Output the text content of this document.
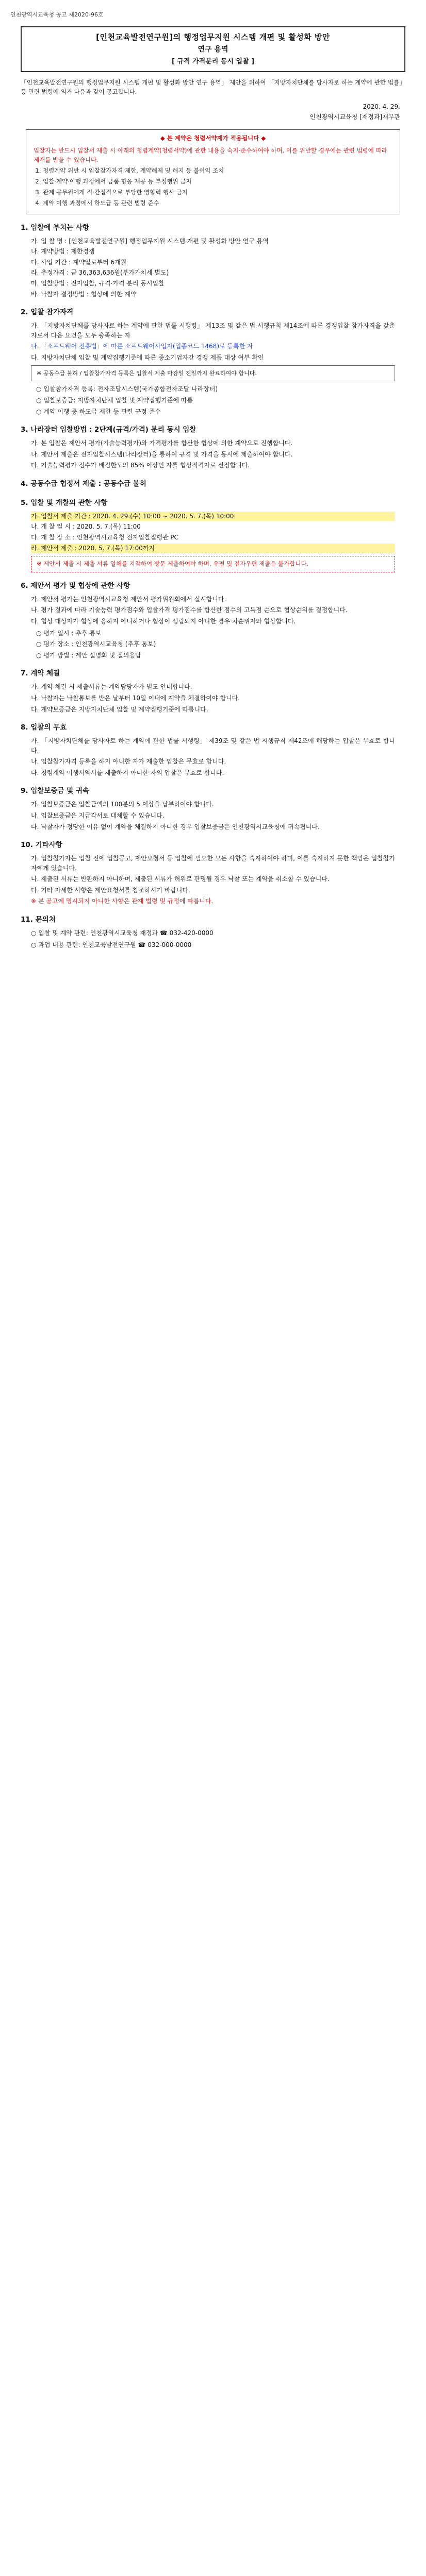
인천광역시교육청 공고 제2020-96호
[인천교육발전연구원]의 행정업무지원 시스템 개편 및 활성화 방안
연구 용역
[ 규격 가격분리 동시 입찰 ]
「인천교육발전연구원의 행정업무지원 시스템 개편 및 활성화 방안 연구 용역」 제안을 위하여 「지방자치단체를 당사자로 하는 계약에 관한 법률」 등 관련 법령에 의거 다음과 같이 공고합니다.
2020. 4. 29.
인천광역시교육청 [재정과]재무관
◆ 본 계약은 청렴서약제가 적용됩니다 ◆
입찰자는 반드시 입찰서 제출 시 아래의 청렴계약(청렴서약)에 관한 내용을 숙지·준수하여야 하며, 이를 위반할 경우에는 관련 법령에 따라 제재를 받을 수 있습니다.
1. 청렴계약 위반 시 입찰참가자격 제한, 계약해제 및 해지 등 불이익 조치
2. 입찰·계약·이행 과정에서 금품·향응 제공 등 부정행위 금지
3. 관계 공무원에게 직·간접적으로 부당한 영향력 행사 금지
4. 계약 이행 과정에서 하도급 등 관련 법령 준수
1. 입찰에 부치는 사항
가. 입 찰 명 : [인천교육발전연구원] 행정업무지원 시스템 개편 및 활성화 방안 연구 용역
나. 계약방법 : 제한경쟁
다. 사업 기간 : 계약일로부터 6개월
라. 추정가격 : 금 36,363,636원(부가가치세 별도)
마. 입찰방법 : 전자입찰, 규격·가격 분리 동시입찰
바. 낙찰자 결정방법 : 협상에 의한 계약
2. 입찰 참가자격
가. 「지방자치단체를 당사자로 하는 계약에 관한 법률 시행령」 제13조 및 같은 법 시행규칙 제14조에 따른 경쟁입찰 참가자격을 갖춘 자로서 다음 요건을 모두 충족하는 자
나. 「소프트웨어 진흥법」에 따른 소프트웨어사업자(업종코드 1468)로 등록한 자
다. 지방자치단체 입찰 및 계약집행기준에 따른 중소기업자간 경쟁 제품 대상 여부 확인
※ 공동수급 불허 / 입찰참가자격 등록은 입찰서 제출 마감일 전일까지 완료하여야 합니다.
○ 입찰참가자격 등록: 전자조달시스템(국가종합전자조달 나라장터)
○ 입찰보증금: 지방자치단체 입찰 및 계약집행기준에 따름
○ 계약 이행 중 하도급 제한 등 관련 규정 준수
3. 나라장터 입찰방법 : 2단계(규격/가격) 분리 동시 입찰
가. 본 입찰은 제안서 평가(기술능력평가)와 가격평가를 합산한 협상에 의한 계약으로 진행합니다.
나. 제안서 제출은 전자입찰시스템(나라장터)을 통하여 규격 및 가격을 동시에 제출하여야 합니다.
다. 기술능력평가 점수가 배점한도의 85% 이상인 자를 협상적격자로 선정합니다.
4. 공동수급 협정서 제출 : 공동수급 불허
5. 입찰 및 개찰의 관한 사항
가. 입찰서 제출 기간 : 2020. 4. 29.(수) 10:00 ~ 2020. 5. 7.(목) 10:00
나. 개 찰 일 시 : 2020. 5. 7.(목) 11:00
다. 개 찰 장 소 : 인천광역시교육청 전자입찰집행관 PC
라. 제안서 제출 : 2020. 5. 7.(목) 17:00까지
※ 제안서 제출 시 제출 서류 일체를 지참하여 방문 제출하여야 하며, 우편 및 전자우편 제출은 불가합니다.
6. 제안서 평가 및 협상에 관한 사항
가. 제안서 평가는 인천광역시교육청 제안서 평가위원회에서 실시합니다.
나. 평가 결과에 따라 기술능력 평가점수와 입찰가격 평가점수를 합산한 점수의 고득점 순으로 협상순위를 결정합니다.
다. 협상 대상자가 협상에 응하지 아니하거나 협상이 성립되지 아니한 경우 차순위자와 협상합니다.
○ 평가 일시 : 추후 통보
○ 평가 장소 : 인천광역시교육청 (추후 통보)
○ 평가 방법 : 제안 설명회 및 질의응답
7. 계약 체결
가. 계약 체결 시 제출서류는 계약담당자가 별도 안내합니다.
나. 낙찰자는 낙찰통보를 받은 날부터 10일 이내에 계약을 체결하여야 합니다.
다. 계약보증금은 지방자치단체 입찰 및 계약집행기준에 따릅니다.
8. 입찰의 무효
가. 「지방자치단체를 당사자로 하는 계약에 관한 법률 시행령」 제39조 및 같은 법 시행규칙 제42조에 해당하는 입찰은 무효로 합니다.
나. 입찰참가자격 등록을 하지 아니한 자가 제출한 입찰은 무효로 합니다.
다. 청렴계약 이행서약서를 제출하지 아니한 자의 입찰은 무효로 합니다.
9. 입찰보증금 및 귀속
가. 입찰보증금은 입찰금액의 100분의 5 이상을 납부하여야 합니다.
나. 입찰보증금은 지급각서로 대체할 수 있습니다.
다. 낙찰자가 정당한 이유 없이 계약을 체결하지 아니한 경우 입찰보증금은 인천광역시교육청에 귀속됩니다.
10. 기타사항
가. 입찰참가자는 입찰 전에 입찰공고, 제안요청서 등 입찰에 필요한 모든 사항을 숙지하여야 하며, 이를 숙지하지 못한 책임은 입찰참가자에게 있습니다.
나. 제출된 서류는 반환하지 아니하며, 제출된 서류가 허위로 판명될 경우 낙찰 또는 계약을 취소할 수 있습니다.
다. 기타 자세한 사항은 제안요청서를 참조하시기 바랍니다.
※ 본 공고에 명시되지 아니한 사항은 관계 법령 및 규정에 따릅니다.
11. 문의처
○ 입찰 및 계약 관련: 인천광역시교육청 재정과 ☎ 032-420-0000
○ 과업 내용 관련: 인천교육발전연구원 ☎ 032-000-0000
